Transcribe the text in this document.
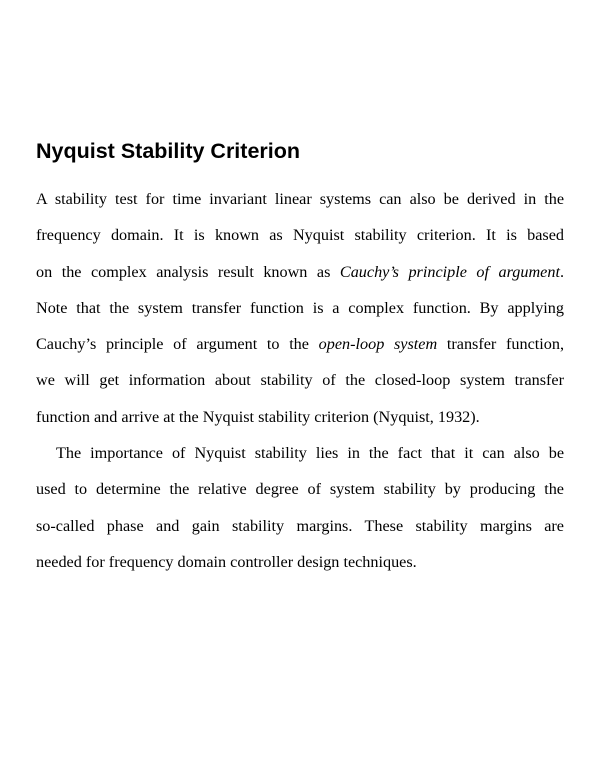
Nyquist Stability Criterion
A stability test for time invariant linear systems can also be derived in the
frequency domain. It is known as Nyquist stability criterion. It is based
on the complex analysis result known as Cauchy’s principle of argument.
Note that the system transfer function is a complex function. By applying
Cauchy’s principle of argument to the open-loop system transfer function,
we will get information about stability of the closed-loop system transfer
function and arrive at the Nyquist stability criterion (Nyquist, 1932).
The importance of Nyquist stability lies in the fact that it can also be
used to determine the relative degree of system stability by producing the
so-called phase and gain stability margins. These stability margins are
needed for frequency domain controller design techniques.
